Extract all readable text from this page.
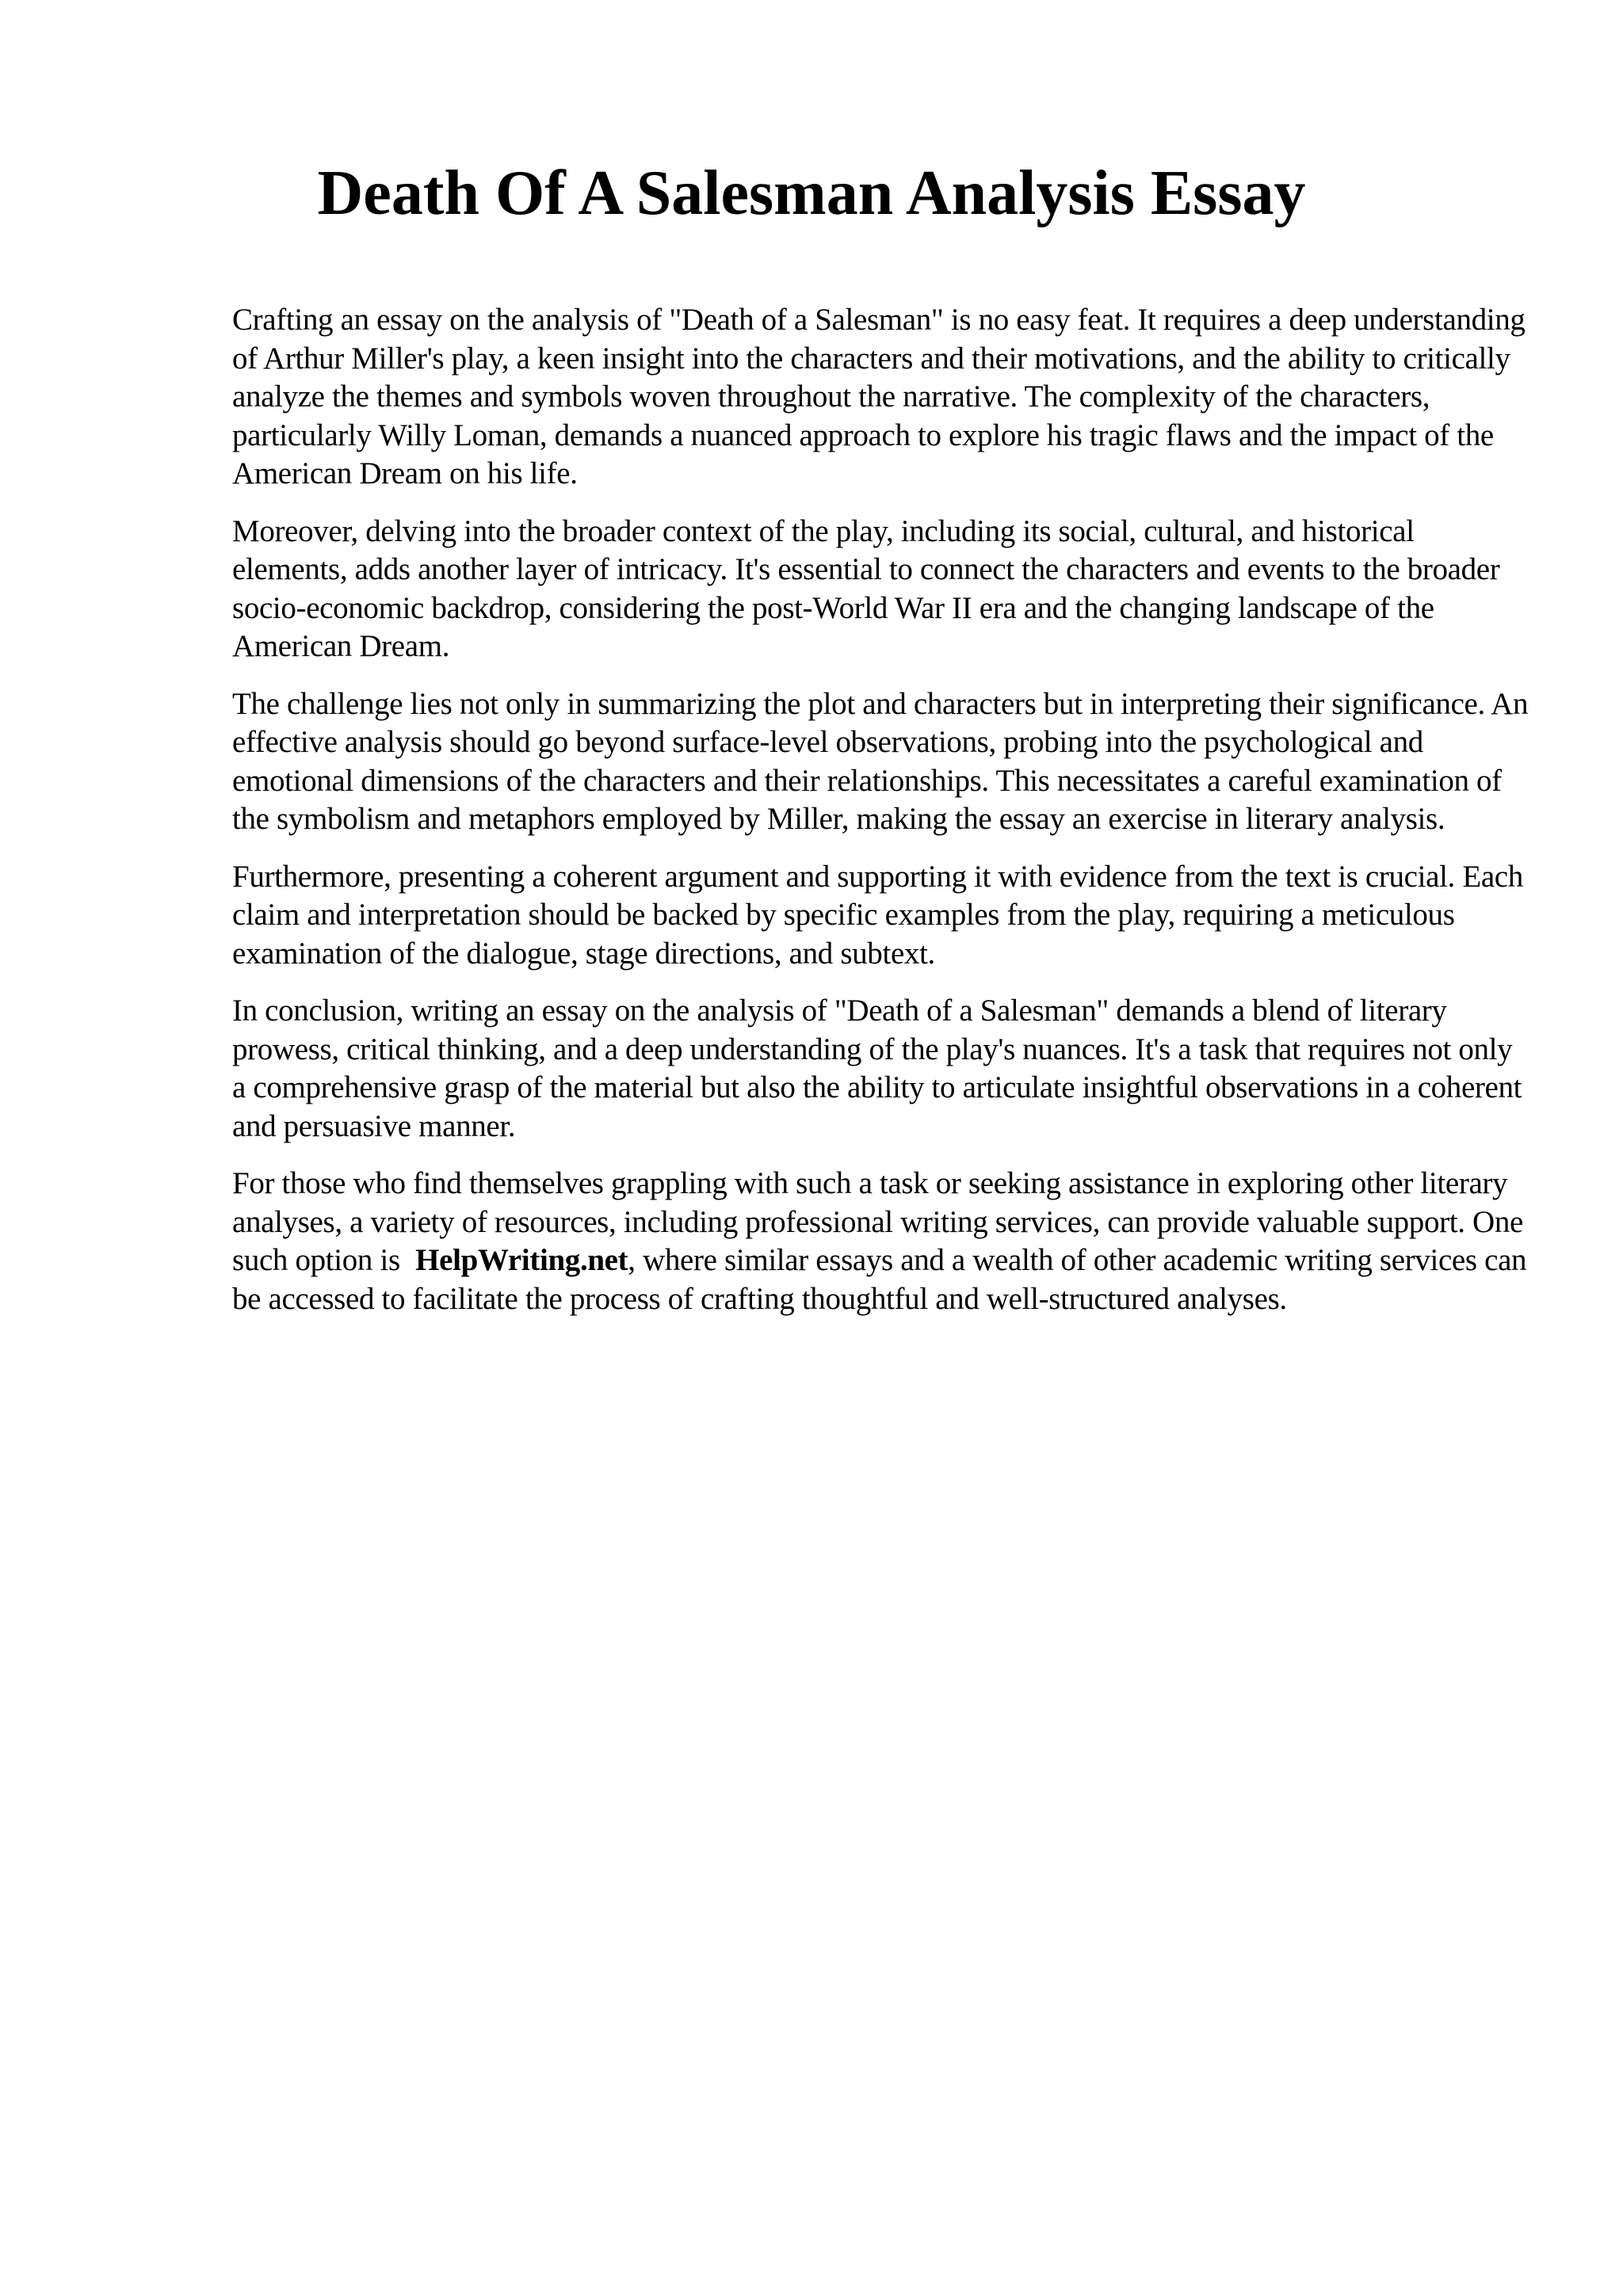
Death Of A Salesman Analysis Essay

Crafting an essay on the analysis of "Death of a Salesman" is no easy feat. It requires a deep understanding of Arthur Miller's play, a keen insight into the characters and their motivations, and the ability to critically analyze the themes and symbols woven throughout the narrative. The complexity of the characters, particularly Willy Loman, demands a nuanced approach to explore his tragic flaws and the impact of the American Dream on his life.

Moreover, delving into the broader context of the play, including its social, cultural, and historical elements, adds another layer of intricacy. It's essential to connect the characters and events to the broader socio-economic backdrop, considering the post-World War II era and the changing landscape of the American Dream.

The challenge lies not only in summarizing the plot and characters but in interpreting their significance. An effective analysis should go beyond surface-level observations, probing into the psychological and emotional dimensions of the characters and their relationships. This necessitates a careful examination of the symbolism and metaphors employed by Miller, making the essay an exercise in literary analysis.

Furthermore, presenting a coherent argument and supporting it with evidence from the text is crucial. Each claim and interpretation should be backed by specific examples from the play, requiring a meticulous examination of the dialogue, stage directions, and subtext.

In conclusion, writing an essay on the analysis of "Death of a Salesman" demands a blend of literary prowess, critical thinking, and a deep understanding of the play's nuances. It's a task that requires not only a comprehensive grasp of the material but also the ability to articulate insightful observations in a coherent and persuasive manner.

For those who find themselves grappling with such a task or seeking assistance in exploring other literary analyses, a variety of resources, including professional writing services, can provide valuable support. One such option is HelpWriting.net, where similar essays and a wealth of other academic writing services can be accessed to facilitate the process of crafting thoughtful and well-structured analyses.
